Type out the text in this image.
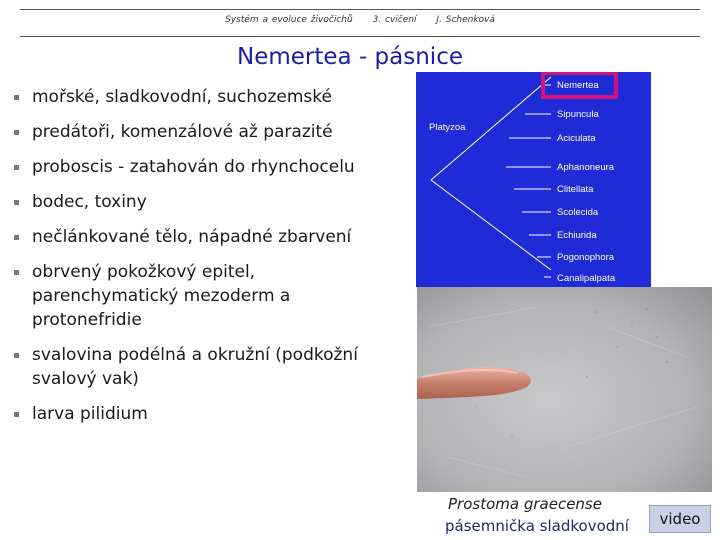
Systém a evoluce živočichů 3. cvičení J. Schenková
Nemertea - pásnice
mořské, sladkovodní, suchozemské
predátoři, komenzálové až parazité
proboscis - zatahován do rhynchocelu
bodec, toxiny
nečlánkované tělo, nápadné zbarvení
obrvený pokožkový epitel, parenchymatický mezoderm a protonefridie
svalovina podélná a okružní (podkožní svalový vak)
larva pilidium
Platyzoa
Nemertea
Sipuncula
Aciculata
Aphanoneura
Clitellata
Scolecida
Echiurida
Pogonophora
Canalipalpata
Prostoma graecense
pásemnička sladkovodní	video
